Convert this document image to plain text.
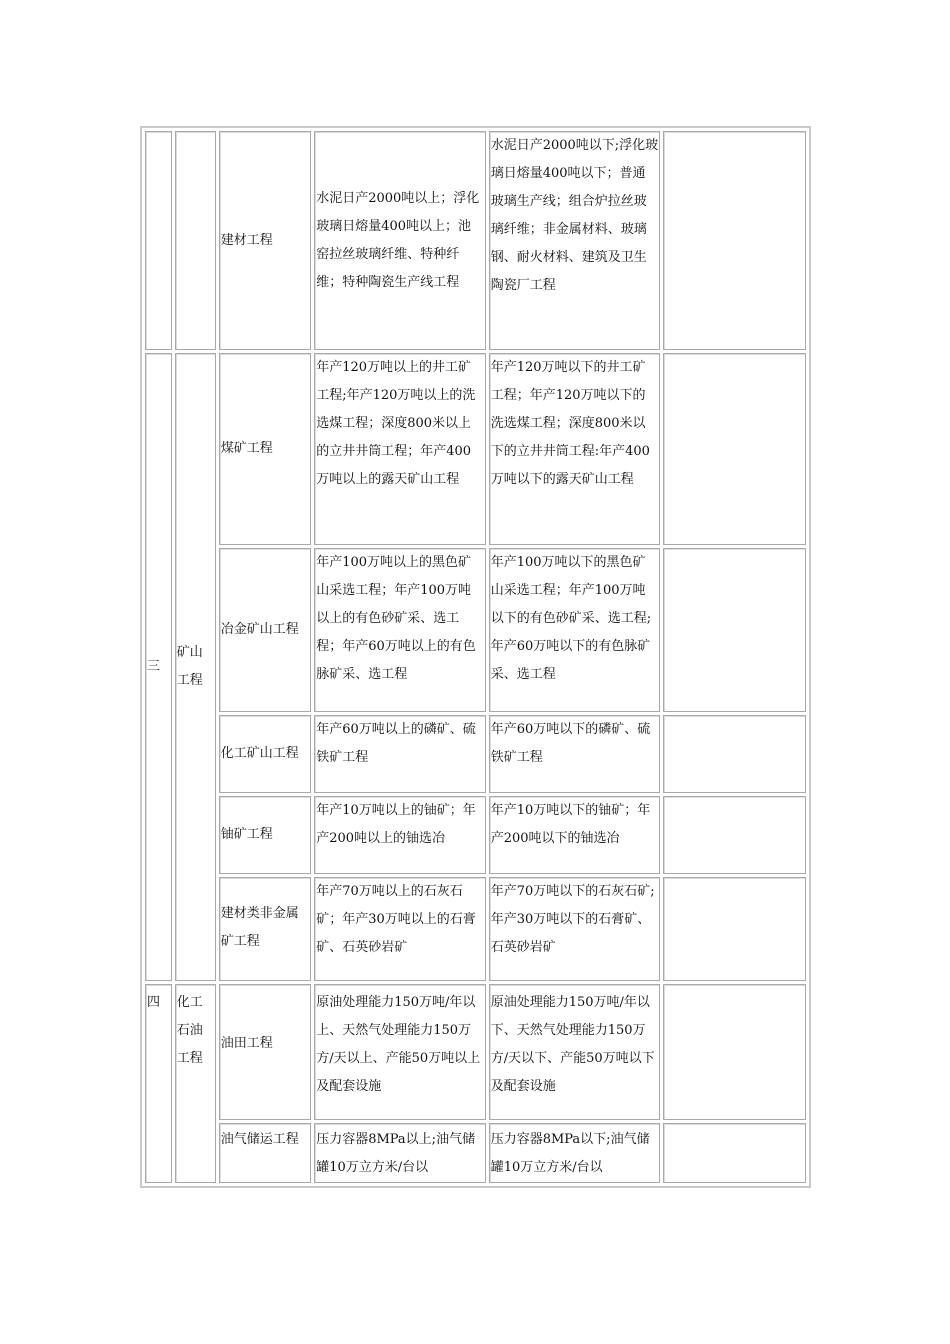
		建材工程	水泥日产2000吨以上；浮化玻璃日熔量400吨以上；池窑拉丝玻璃纤维、特种纤维；特种陶瓷生产线工程	水泥日产2000吨以下;浮化玻璃日熔量400吨以下；普通玻璃生产线；组合炉拉丝玻璃纤维；非金属材料、玻璃钢、耐火材料、建筑及卫生陶瓷厂工程	
三	矿山工程	煤矿工程	年产120万吨以上的井工矿工程;年产120万吨以上的洗选煤工程；深度800米以上的立井井筒工程；年产400万吨以上的露天矿山工程	年产120万吨以下的井工矿工程；年产120万吨以下的洗选煤工程；深度800米以下的立井井筒工程:年产400万吨以下的露天矿山工程	
		冶金矿山工程	年产100万吨以上的黑色矿山采选工程；年产100万吨以上的有色砂矿采、选工程；年产60万吨以上的有色脉矿采、选工程	年产100万吨以下的黑色矿山采选工程；年产100万吨以下的有色砂矿采、选工程;年产60万吨以下的有色脉矿采、选工程	
		化工矿山工程	年产60万吨以上的磷矿、硫铁矿工程	年产60万吨以下的磷矿、硫铁矿工程	
		铀矿工程	年产10万吨以上的铀矿；年产200吨以上的铀选冶	年产10万吨以下的铀矿；年产200吨以下的铀选冶	
		建材类非金属矿工程	年产70万吨以上的石灰石矿；年产30万吨以上的石膏矿、石英砂岩矿	年产70万吨以下的石灰石矿;年产30万吨以下的石膏矿、石英砂岩矿	
四	化工石油工程	油田工程	原油处理能力150万吨/年以上、天然气处理能力150万方/天以上、产能50万吨以上及配套设施	原油处理能力150万吨/年以下、天然气处理能力150万方/天以下、产能50万吨以下及配套设施	
		油气储运工程	压力容器8MPa以上;油气储罐10万立方米/台以	压力容器8MPa以下;油气储罐10万立方米/台以	
